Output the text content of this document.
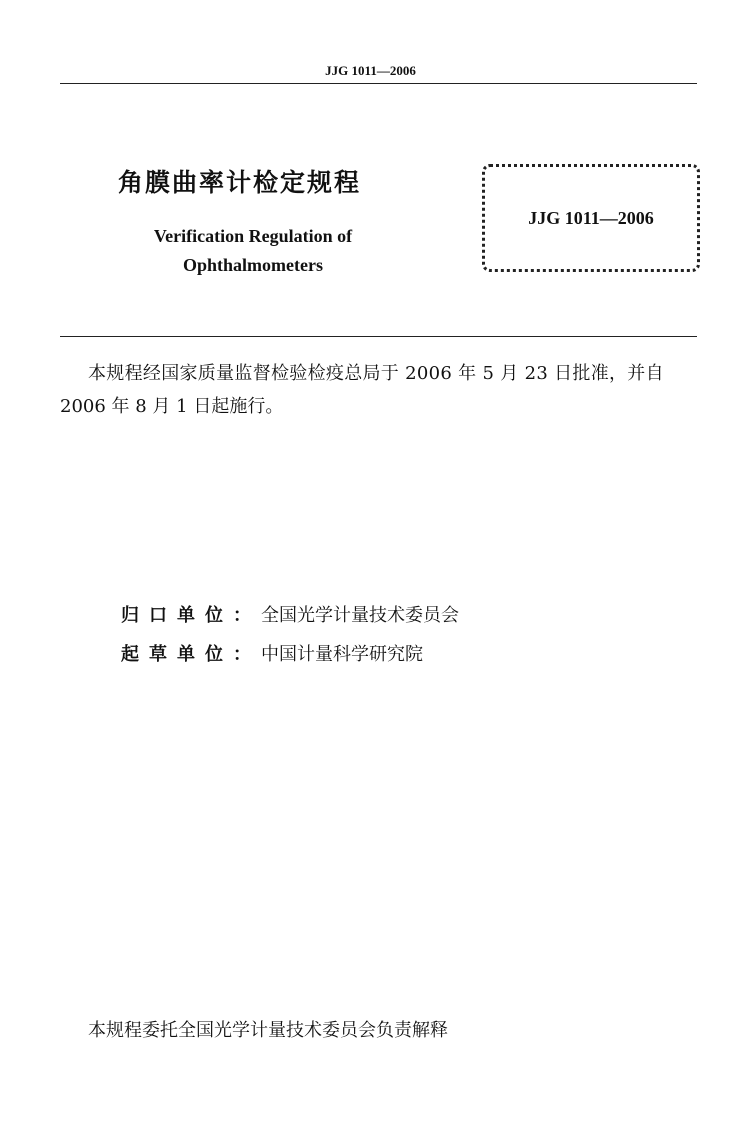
JJG 1011—2006
角膜曲率计检定规程
Verification Regulation of
Ophthalmometers
JJG 1011—2006
本规程经国家质量监督检验检疫总局于 2006 年 5 月 23 日批准，并自
2006 年 8 月 1 日起施行。
归口单位：全国光学计量技术委员会
起草单位：中国计量科学研究院
本规程委托全国光学计量技术委员会负责解释
